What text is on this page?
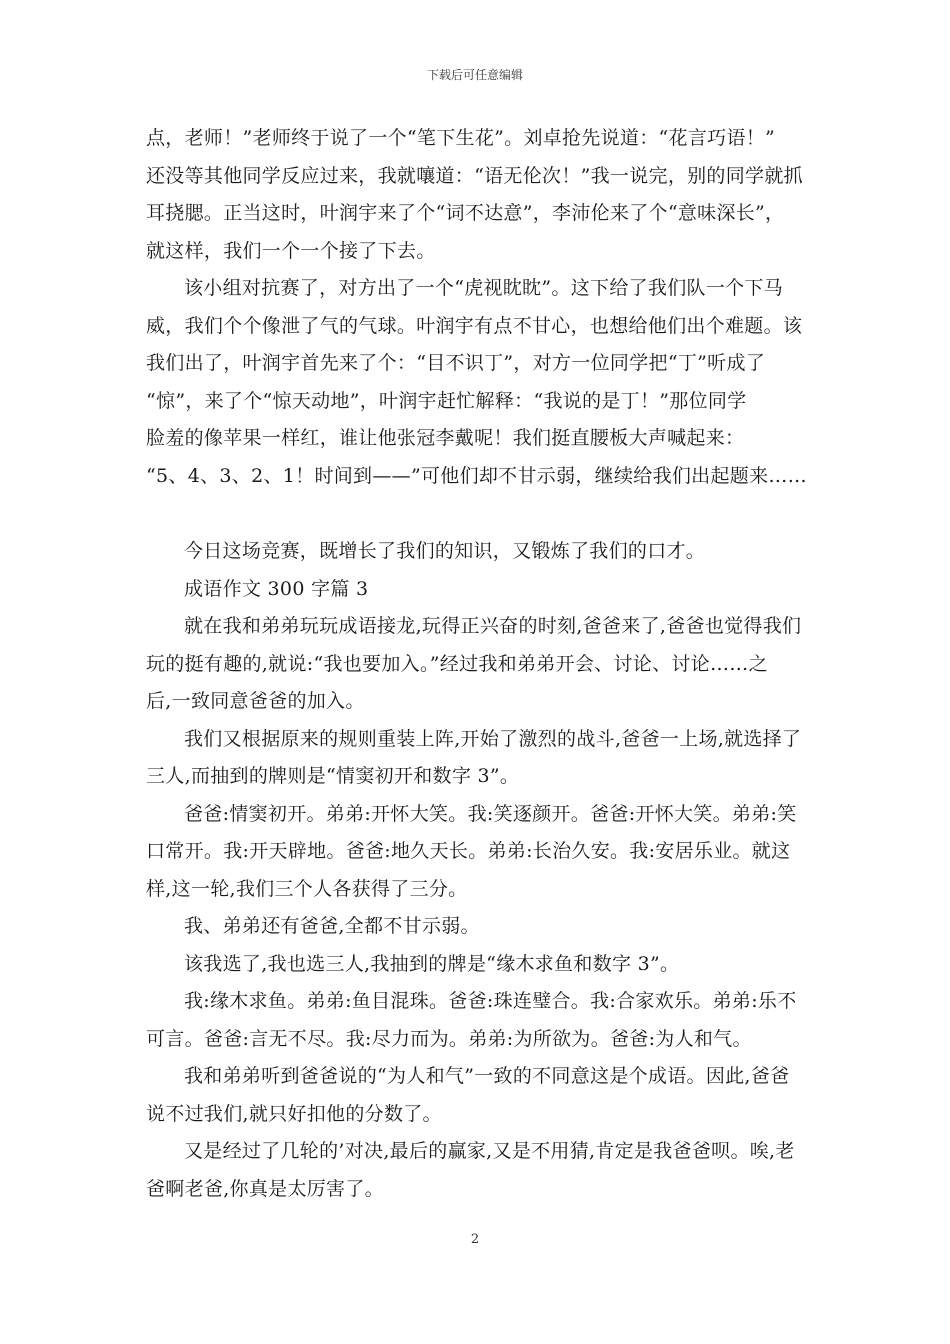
下载后可任意编辑
点，老师！”老师终于说了一个“笔下生花”。刘卓抢先说道：“花言巧语！”
还没等其他同学反应过来，我就嚷道：“语无伦次！”我一说完，别的同学就抓
耳挠腮。正当这时，叶润宇来了个“词不达意”，李沛伦来了个“意味深长”，
就这样，我们一个一个接了下去。
该小组对抗赛了，对方出了一个“虎视眈眈”。这下给了我们队一个下马
威，我们个个像泄了气的气球。叶润宇有点不甘心，也想给他们出个难题。该
我们出了，叶润宇首先来了个：“目不识丁”，对方一位同学把“丁”听成了
“惊”，来了个“惊天动地”，叶润宇赶忙解释：“我说的是丁！”那位同学
脸羞的像苹果一样红，谁让他张冠李戴呢！我们挺直腰板大声喊起来：
“5、4、3、2、1！时间到——”可他们却不甘示弱，继续给我们出起题来……
今日这场竞赛，既增长了我们的知识，又锻炼了我们的口才。
成语作文 300 字篇 3
就在我和弟弟玩玩成语接龙,玩得正兴奋的时刻,爸爸来了,爸爸也觉得我们
玩的挺有趣的,就说:“我也要加入。”经过我和弟弟开会、讨论、讨论……之
后,一致同意爸爸的加入。
我们又根据原来的规则重装上阵,开始了激烈的战斗,爸爸一上场,就选择了
三人,而抽到的牌则是“情窦初开和数字 3”。
爸爸:情窦初开。弟弟:开怀大笑。我:笑逐颜开。爸爸:开怀大笑。弟弟:笑
口常开。我:开天辟地。爸爸:地久天长。弟弟:长治久安。我:安居乐业。就这
样,这一轮,我们三个人各获得了三分。
我、弟弟还有爸爸,全都不甘示弱。
该我选了,我也选三人,我抽到的牌是“缘木求鱼和数字 3”。
我:缘木求鱼。弟弟:鱼目混珠。爸爸:珠连璧合。我:合家欢乐。弟弟:乐不
可言。爸爸:言无不尽。我:尽力而为。弟弟:为所欲为。爸爸:为人和气。
我和弟弟听到爸爸说的“为人和气”一致的不同意这是个成语。因此,爸爸
说不过我们,就只好扣他的分数了。
又是经过了几轮的’对决,最后的赢家,又是不用猜,肯定是我爸爸呗。唉,老
爸啊老爸,你真是太厉害了。
2
